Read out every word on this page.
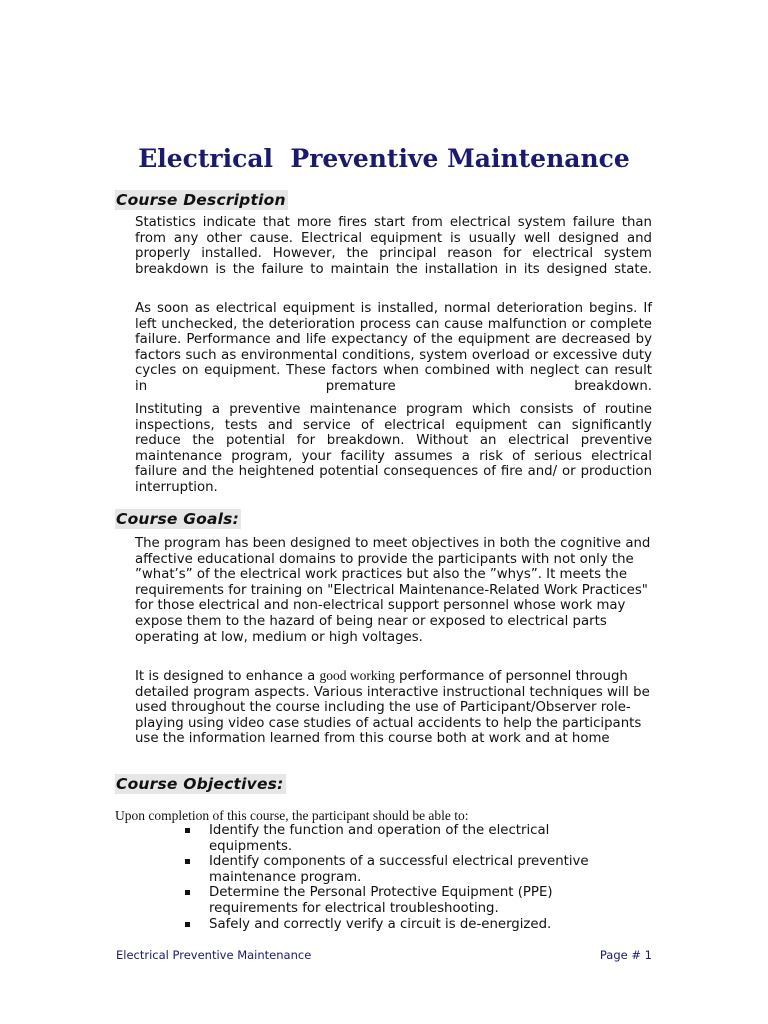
Electrical  Preventive Maintenance
Course Description

Statistics indicate that more fires start from electrical system failure than from any other cause. Electrical equipment is usually well designed and properly installed. However, the principal reason for electrical system breakdown is the failure to maintain the installation in its designed state.

As soon as electrical equipment is installed, normal deterioration begins. If left unchecked, the deterioration process can cause malfunction or complete failure. Performance and life expectancy of the equipment are decreased by factors such as environmental conditions, system overload or excessive duty cycles on equipment. These factors when combined with neglect can result in premature breakdown.

Instituting a preventive maintenance program which consists of routine inspections, tests and service of electrical equipment can significantly reduce the potential for breakdown. Without an electrical preventive maintenance program, your facility assumes a risk of serious electrical failure and the heightened potential consequences of fire and/ or production interruption.

Course Goals:

The program has been designed to meet objectives in both the cognitive and affective educational domains to provide the participants with not only the ”what’s” of the electrical work practices but also the ”whys”. It meets the requirements for training on "Electrical Maintenance-Related Work Practices" for those electrical and non-electrical support personnel whose work may expose them to the hazard of being near or exposed to electrical parts operating at low, medium or high voltages.

It is designed to enhance a good working performance of personnel through detailed program aspects. Various interactive instructional techniques will be used throughout the course including the use of Participant/Observer role-playing using video case studies of actual accidents to help the participants use the information learned from this course both at work and at home

Course Objectives:

Upon completion of this course, the participant should be able to:

Identify the function and operation of the electrical equipments.
Identify components of a successful electrical preventive maintenance program.
Determine the Personal Protective Equipment (PPE) requirements for electrical troubleshooting.
Safely and correctly verify a circuit is de-energized.

Electrical Preventive Maintenance	Page # 1
